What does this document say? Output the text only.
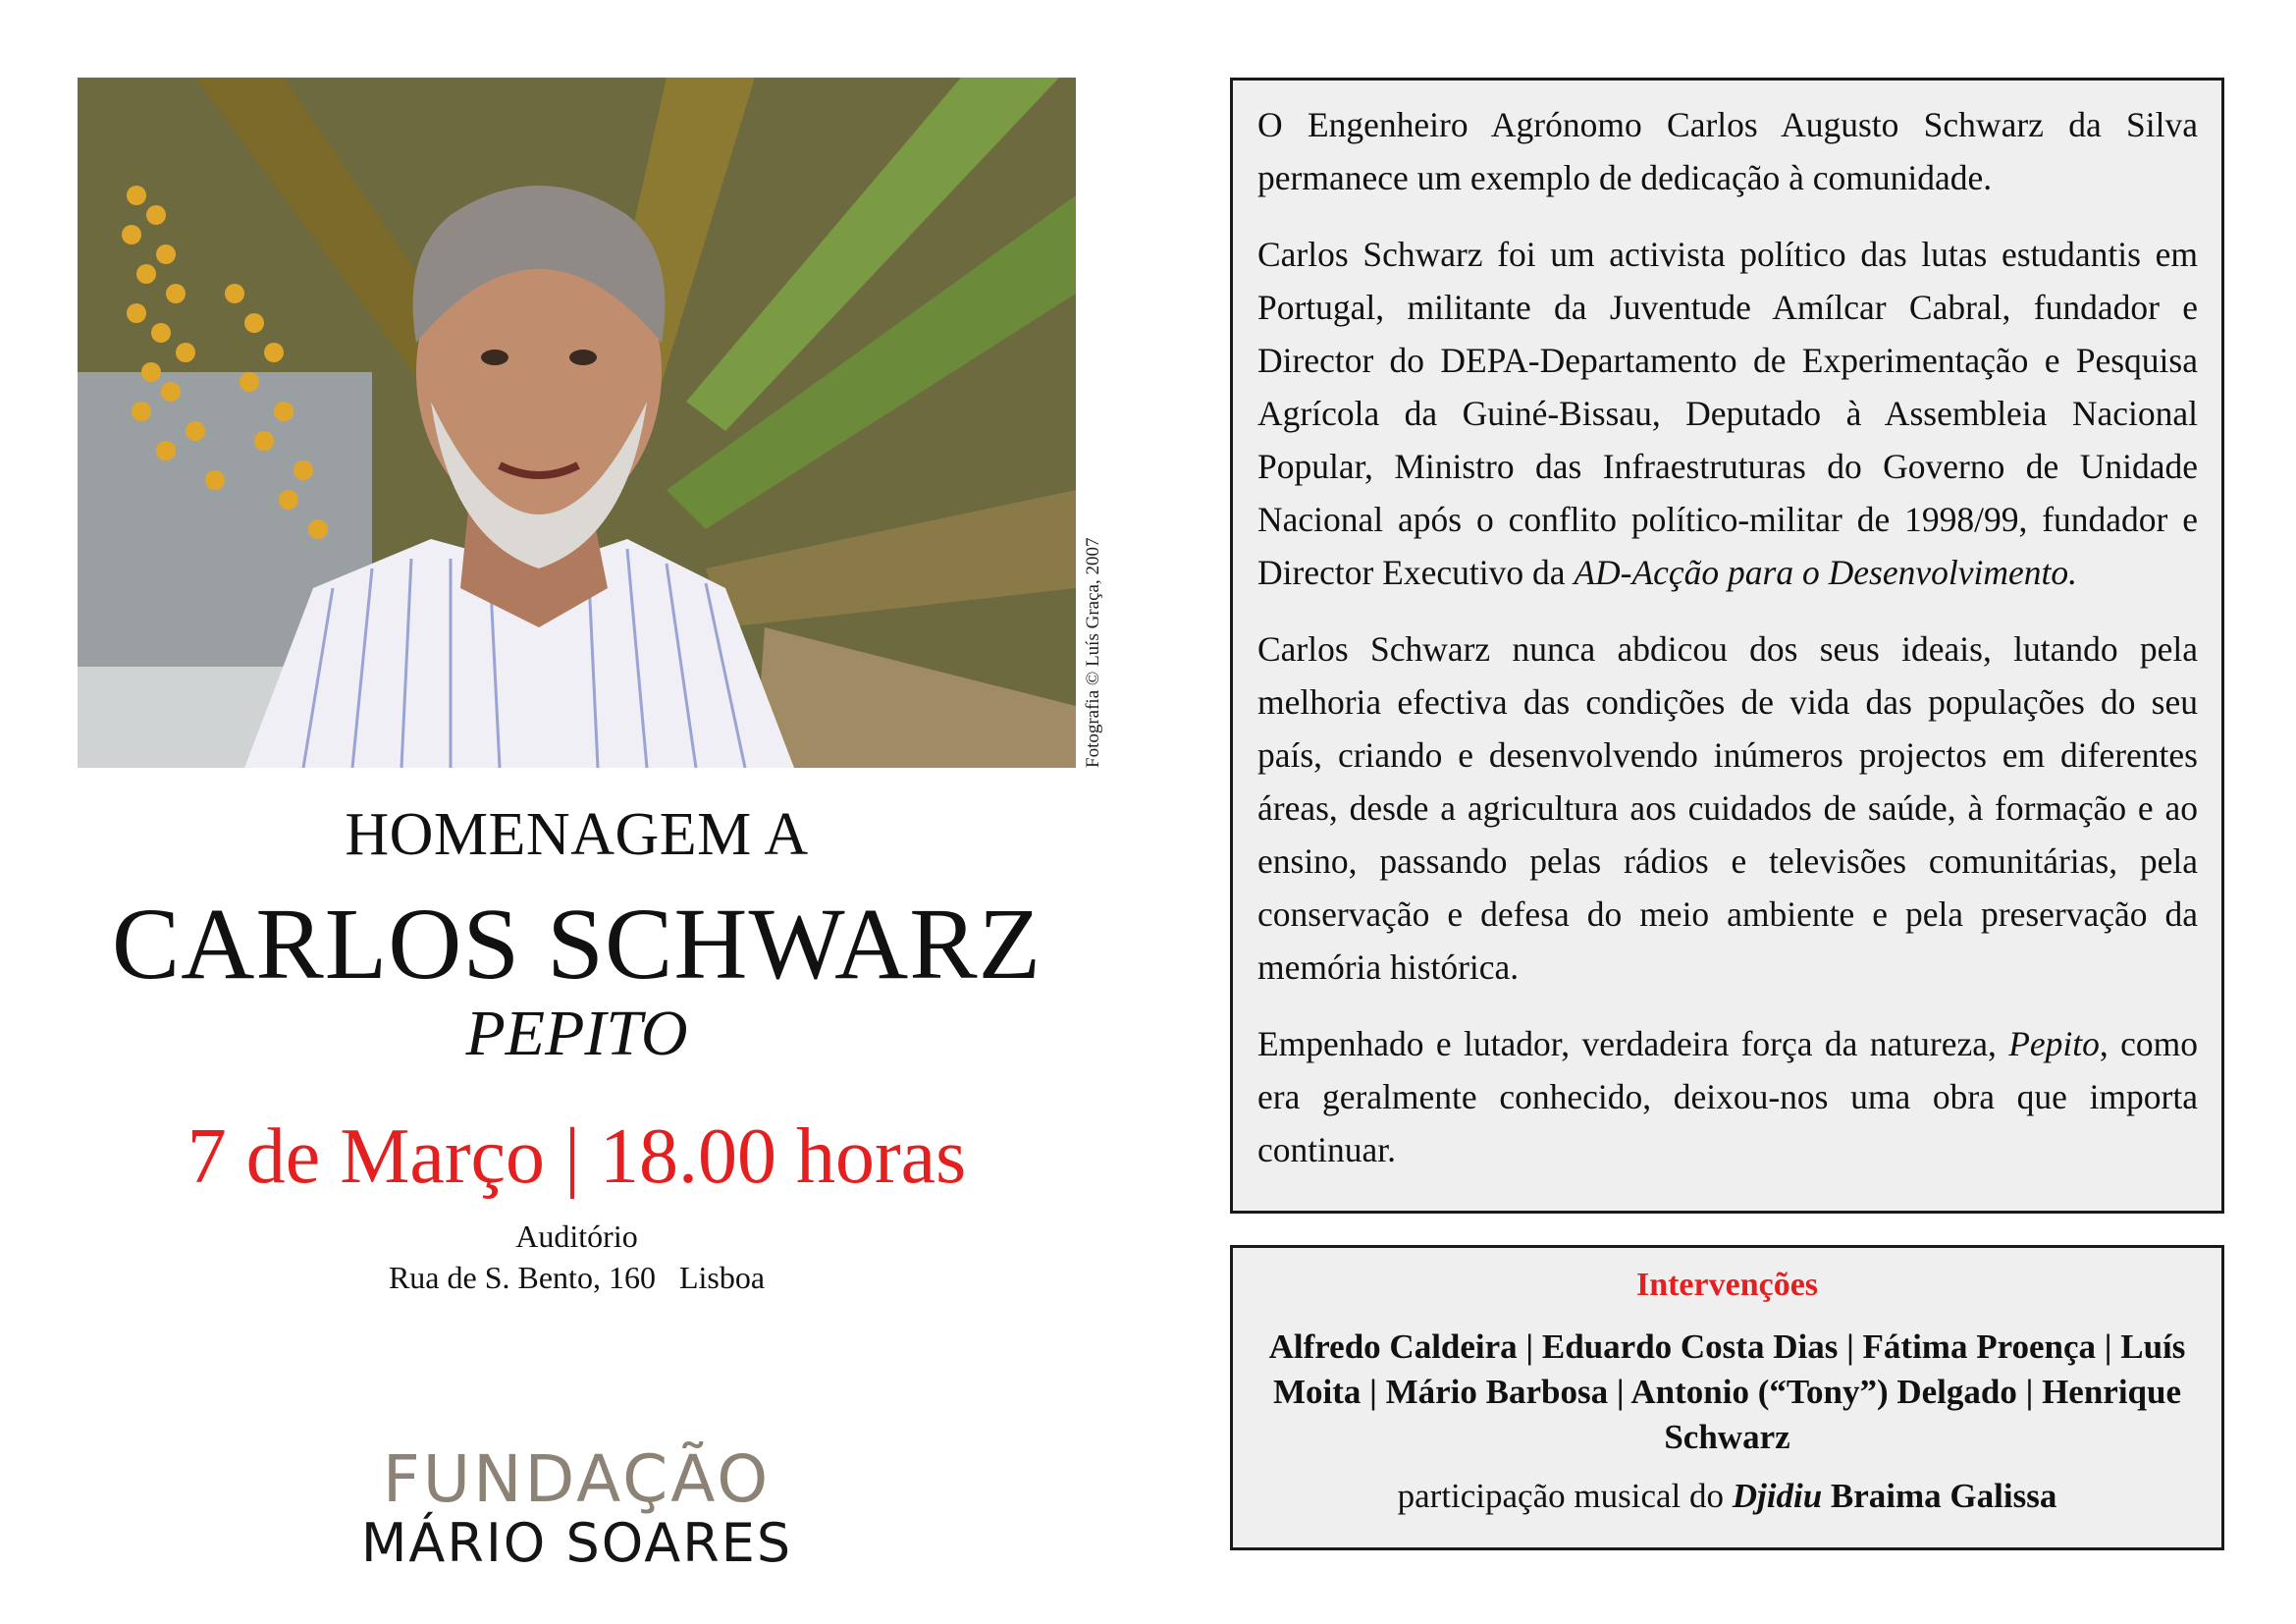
Fotografia © Luís Graça, 2007
HOMENAGEM A
CARLOS SCHWARZ
PEPITO
7 de Março | 18.00 horas
Auditório
Rua de S. Bento, 160   Lisboa
FUNDAÇÃO
MÁRIO SOARES

O Engenheiro Agrónomo Carlos Augusto Schwarz da Silva permanece um exemplo de dedicação à comunidade.

Carlos Schwarz foi um activista político das lutas estudantis em Portugal, militante da Juventude Amílcar Cabral, fundador e Director do DEPA-Departamento de Experimentação e Pesquisa Agrícola da Guiné-Bissau, Deputado à Assembleia Nacional Popular, Ministro das Infraestruturas do Governo de Unidade Nacional após o conflito político-militar de 1998/99, fundador e Director Executivo da AD-Acção para o Desenvolvimento.

Carlos Schwarz nunca abdicou dos seus ideais, lutando pela melhoria efectiva das condições de vida das populações do seu país, criando e desenvolvendo inúmeros projectos em diferentes áreas, desde a agricultura aos cuidados de saúde, à formação e ao ensino, passando pelas rádios e televisões comunitárias, pela conservação e defesa do meio ambiente e pela preservação da memória histórica.

Empenhado e lutador, verdadeira força da natureza, Pepito, como era geralmente conhecido, deixou-nos uma obra que importa continuar.

Intervenções
Alfredo Caldeira | Eduardo Costa Dias | Fátima Proença | Luís Moita | Mário Barbosa | Antonio (“Tony”) Delgado | Henrique Schwarz
participação musical do Djidiu Braima Galissa
